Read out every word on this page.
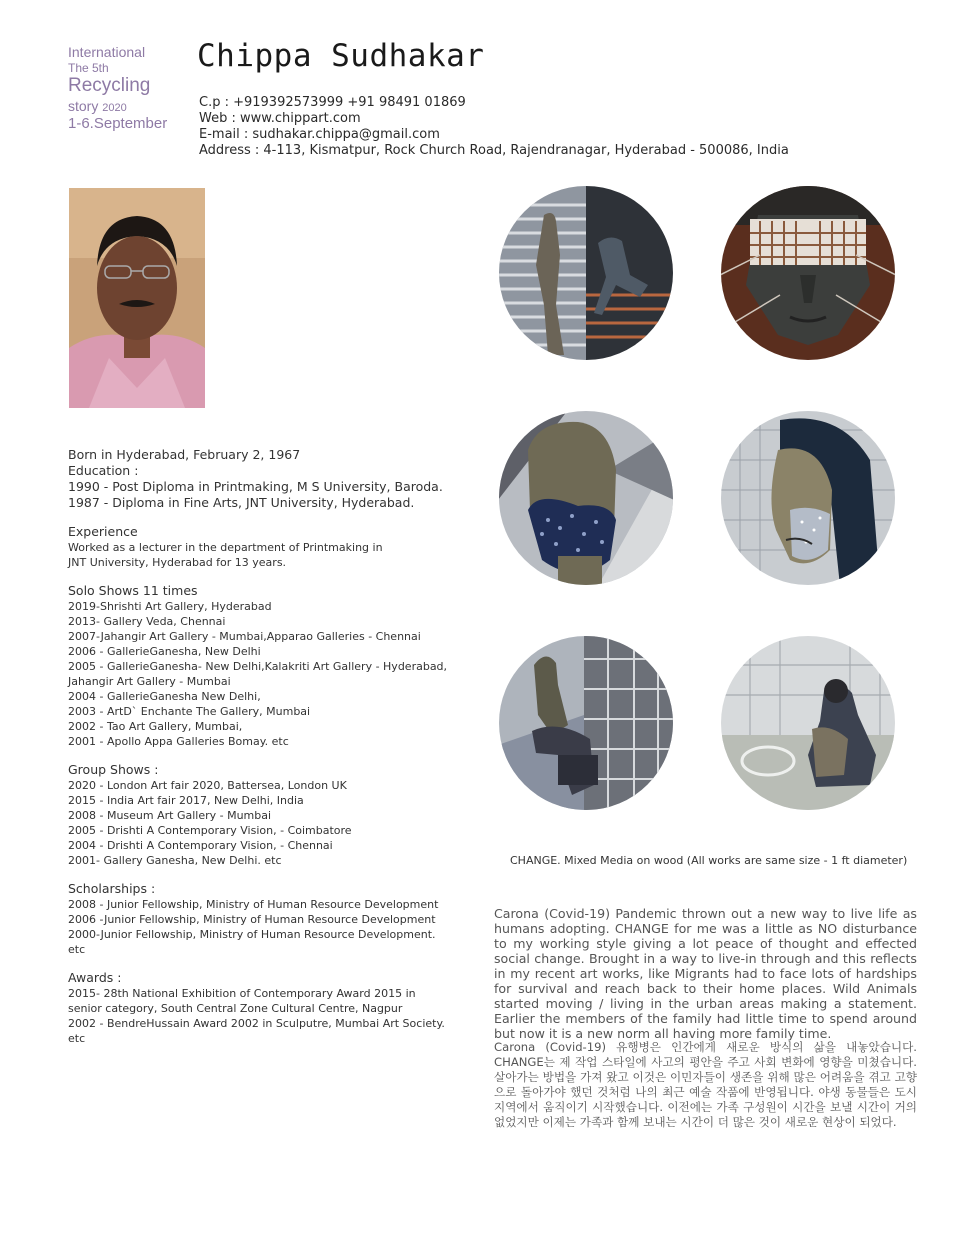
International
The 5th
Recycling
story 2020
1-6.September
Chippa Sudhakar
C.p : +919392573999 +91 98491 01869
Web : www.chippart.com
E-mail : sudhakar.chippa@gmail.com
Address : 4-113, Kismatpur, Rock Church Road, Rajendranagar, Hyderabad - 500086, India
Born in Hyderabad, February 2, 1967
Education :
1990 - Post Diploma in Printmaking, M S University, Baroda.
1987 - Diploma in Fine Arts, JNT University, Hyderabad.
Experience
Worked as a lecturer in the department of Printmaking in JNT University, Hyderabad for 13 years.
Solo Shows 11 times
2019-Shrishti Art Gallery, Hyderabad
2013- Gallery Veda, Chennai
2007-Jahangir Art Gallery - Mumbai,Apparao Galleries - Chennai
2006 - GallerieGanesha, New Delhi
2005 - GallerieGanesha- New Delhi,Kalakriti Art Gallery - Hyderabad,
Jahangir Art Gallery - Mumbai
2004 - GallerieGanesha New Delhi,
2003 - ArtD` Enchante The Gallery, Mumbai
2002 - Tao Art Gallery, Mumbai,
2001 - Apollo Appa Galleries Bomay. etc
Group Shows :
2020 - London Art fair 2020, Battersea, London UK
2015 - India Art fair 2017, New Delhi, India
2008 - Museum Art Gallery - Mumbai
2005 - Drishti A Contemporary Vision, - Coimbatore
2004 - Drishti A Contemporary Vision, - Chennai
2001- Gallery Ganesha, New Delhi. etc
Scholarships :
2008 - Junior Fellowship, Ministry of Human Resource Development
2006 -Junior Fellowship, Ministry of Human Resource Development
2000-Junior Fellowship, Ministry of Human Resource Development.
etc
Awards :
2015- 28th National Exhibition of Contemporary Award 2015 in
senior category, South Central Zone Cultural Centre, Nagpur
2002 - BendreHussain Award 2002 in Sculputre, Mumbai Art Society.
etc
CHANGE. Mixed Media on wood (All works are same size - 1 ft diameter)
Carona (Covid-19) Pandemic thrown out a new way to live life as humans adopting. CHANGE for me was a little as NO disturbance to my working style giving a lot peace of thought and effected social change. Brought in a way to live-in through and this reflects in my recent art works, like Migrants had to face lots of hardships for survival and reach back to their home places. Wild Animals started moving / living in the urban areas making a statement. Earlier the members of the family had little time to spend around but now it is a new norm all having more family time.
Carona (Covid-19) 유행병은 인간에게 새로운 방식의 삶을 내놓았습니다. CHANGE는 제 작업 스타일에 사고의 평안을 주고 사회 변화에 영향을 미쳤습니다. 살아가는 방법을 가져 왔고 이것은 이민자들이 생존을 위해 많은 어려움을 겪고 고향으로 돌아가야 했던 것처럼 나의 최근 예술 작품에 반영됩니다. 야생 동물들은 도시 지역에서 움직이기 시작했습니다. 이전에는 가족 구성원이 시간을 보낼 시간이 거의 없었지만 이제는 가족과 함께 보내는 시간이 더 많은 것이 새로운 현상이 되었다.
